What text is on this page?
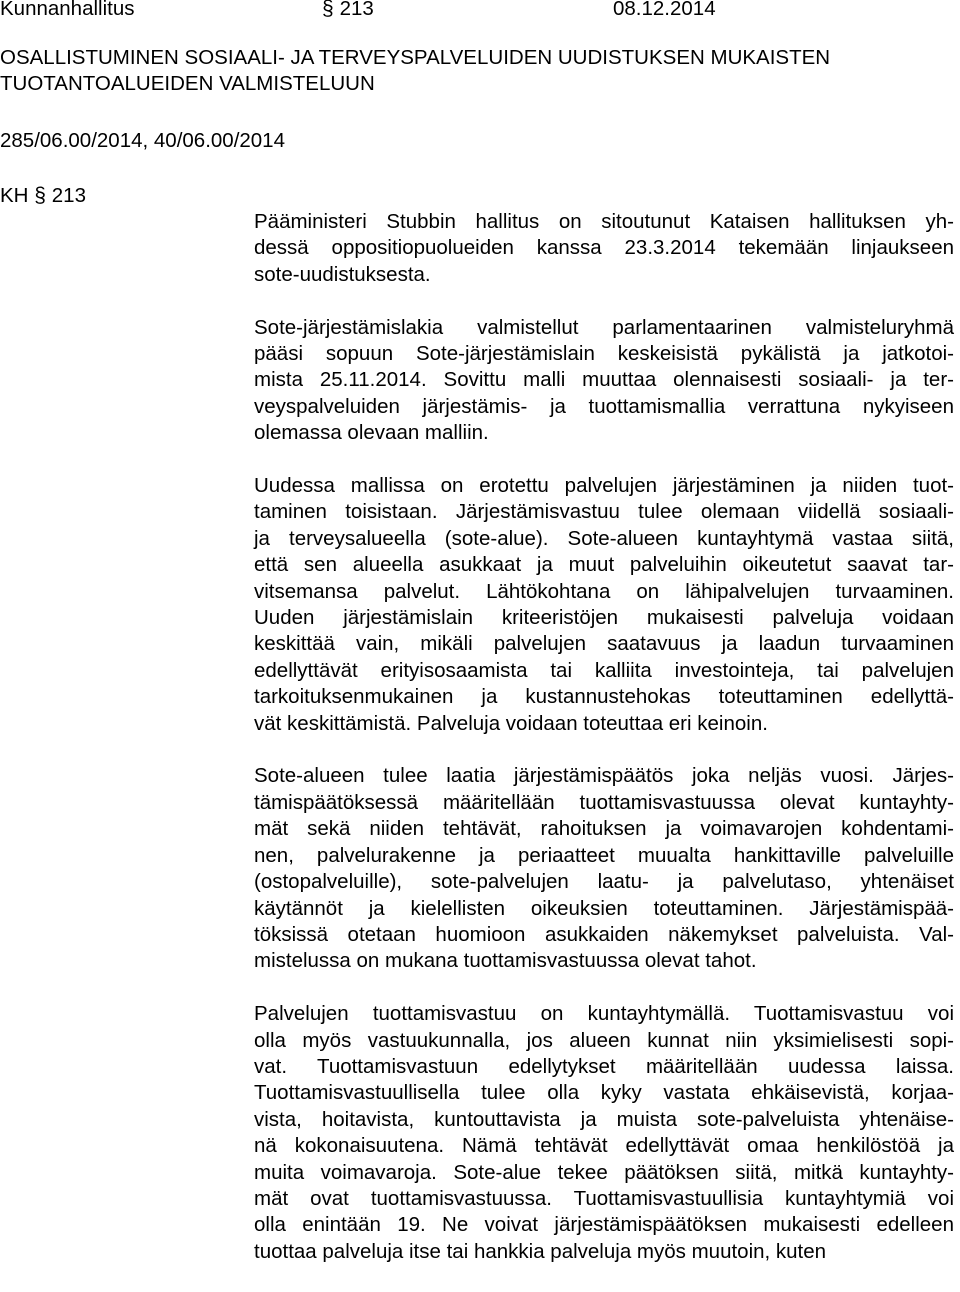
Kunnanhallitus	§ 213	08.12.2014
OSALLISTUMINEN SOSIAALI- JA TERVEYSPALVELUIDEN UUDISTUKSEN MUKAISTEN
TUOTANTOALUEIDEN VALMISTELUUN
285/06.00/2014, 40/06.00/2014
KH § 213

Pääministeri Stubbin hallitus on sitoutunut Kataisen hallituksen yh-
dessä oppositiopuolueiden kanssa 23.3.2014 tekemään linjaukseen
sote-uudistuksesta.

Sote-järjestämislakia valmistellut parlamentaarinen valmisteluryhmä
pääsi sopuun Sote-järjestämislain keskeisistä pykälistä ja jatkotoi-
mista 25.11.2014. Sovittu malli muuttaa olennaisesti sosiaali- ja ter-
veyspalveluiden järjestämis- ja tuottamismallia verrattuna nykyiseen
olemassa olevaan malliin.

Uudessa mallissa on erotettu palvelujen järjestäminen ja niiden tuot-
taminen toisistaan. Järjestämisvastuu tulee olemaan viidellä sosiaali-
ja terveysalueella (sote-alue). Sote-alueen kuntayhtymä vastaa siitä,
että sen alueella asukkaat ja muut palveluihin oikeutetut saavat tar-
vitsemansa palvelut. Lähtökohtana on lähipalvelujen turvaaminen.
Uuden järjestämislain kriteeristöjen mukaisesti palveluja voidaan
keskittää vain, mikäli palvelujen saatavuus ja laadun turvaaminen
edellyttävät erityisosaamista tai kalliita investointeja, tai palvelujen
tarkoituksenmukainen ja kustannustehokas toteuttaminen edellyttä-
vät keskittämistä. Palveluja voidaan toteuttaa eri keinoin.

Sote-alueen tulee laatia järjestämispäätös joka neljäs vuosi. Järjes-
tämispäätöksessä määritellään tuottamisvastuussa olevat kuntayhty-
mät sekä niiden tehtävät, rahoituksen ja voimavarojen kohdentami-
nen, palvelurakenne ja periaatteet muualta hankittaville palveluille
(ostopalveluille), sote-palvelujen laatu- ja palvelutaso, yhtenäiset
käytännöt ja kielellisten oikeuksien toteuttaminen. Järjestämispää-
töksissä otetaan huomioon asukkaiden näkemykset palveluista. Val-
mistelussa on mukana tuottamisvastuussa olevat tahot.

Palvelujen tuottamisvastuu on kuntayhtymällä. Tuottamisvastuu voi
olla myös vastuukunnalla, jos alueen kunnat niin yksimielisesti sopi-
vat. Tuottamisvastuun edellytykset määritellään uudessa laissa.
Tuottamisvastuullisella tulee olla kyky vastata ehkäisevistä, korjaa-
vista, hoitavista, kuntouttavista ja muista sote-palveluista yhtenäise-
nä kokonaisuutena. Nämä tehtävät edellyttävät omaa henkilöstöä ja
muita voimavaroja. Sote-alue tekee päätöksen siitä, mitkä kuntayhty-
mät ovat tuottamisvastuussa. Tuottamisvastuullisia kuntayhtymiä voi
olla enintään 19. Ne voivat järjestämispäätöksen mukaisesti edelleen
tuottaa palveluja itse tai hankkia palveluja myös muutoin, kuten
